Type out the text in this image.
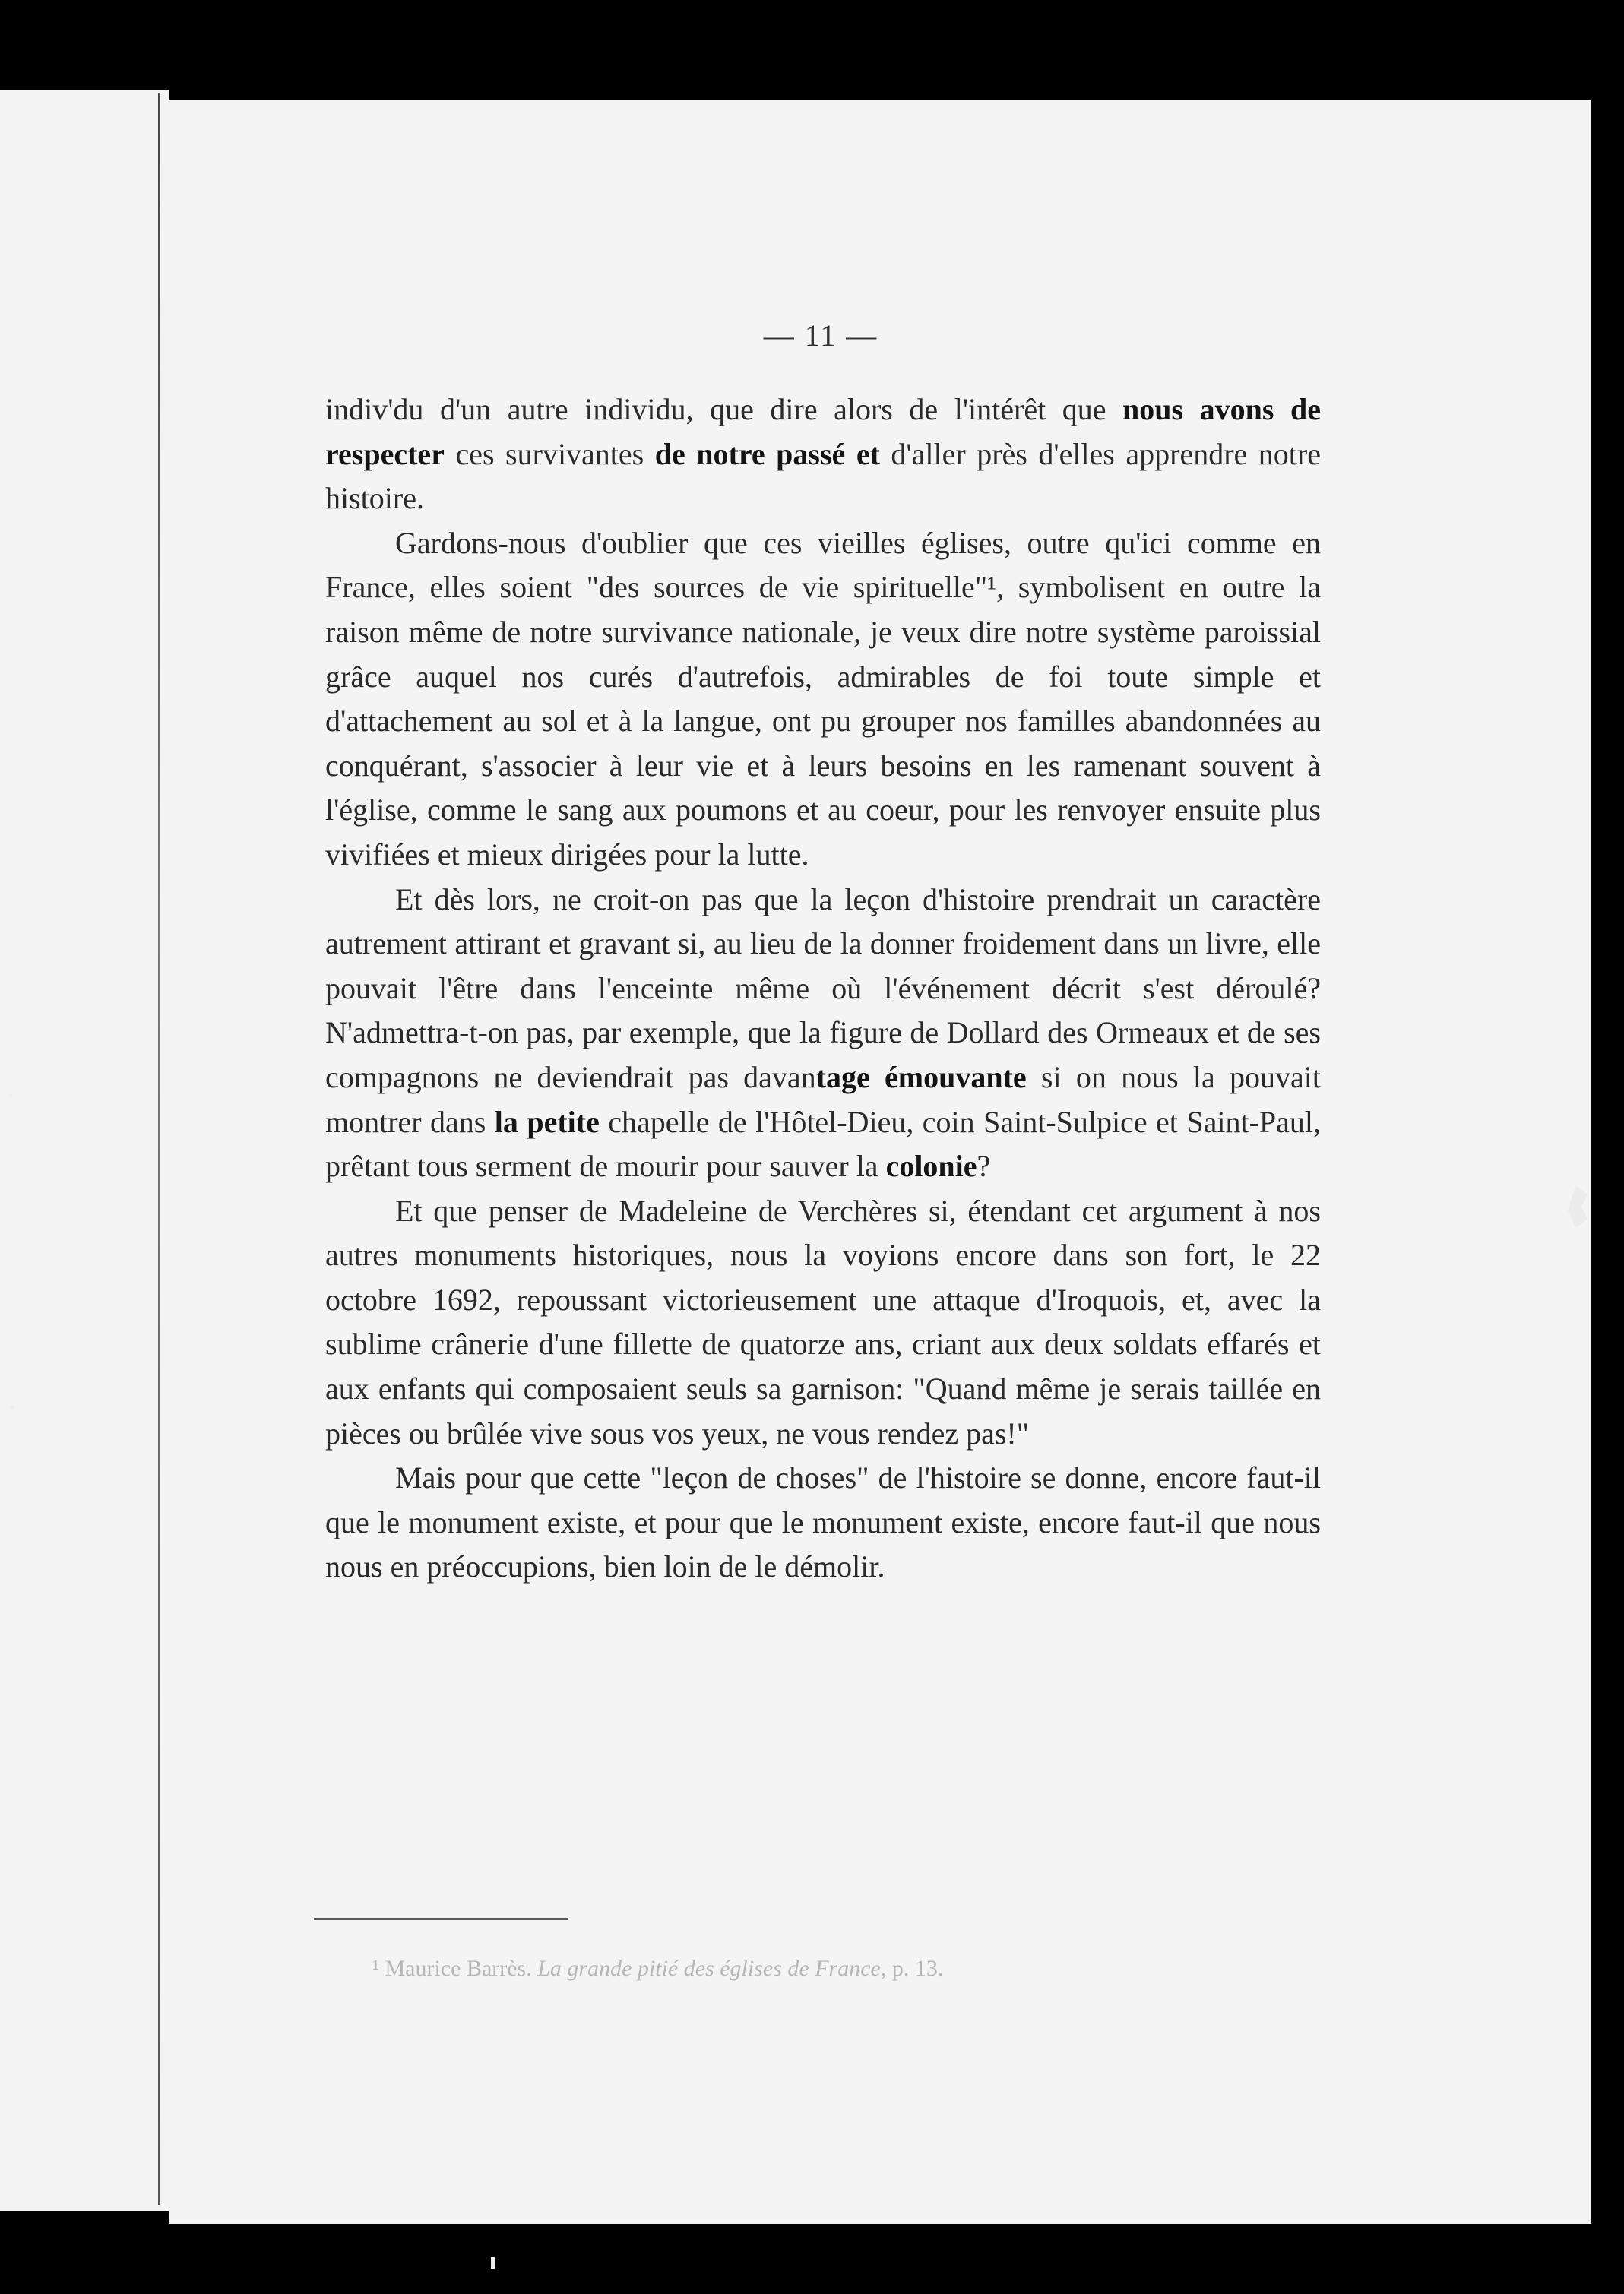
— 11 —

indiv'du d'un autre individu, que dire alors de l'intérêt que nous avons de respecter ces survivantes de notre passé et d'aller près d'elles apprendre notre histoire.

Gardons-nous d'oublier que ces vieilles églises, outre qu'ici comme en France, elles soient "des sources de vie spirituelle"¹, symbolisent en outre la raison même de notre survivance nationale, je veux dire notre système paroissial grâce auquel nos curés d'autrefois, admirables de foi toute simple et d'attachement au sol et à la langue, ont pu grouper nos familles abandonnées au conquérant, s'associer à leur vie et à leurs besoins en les ramenant souvent à l'église, comme le sang aux poumons et au coeur, pour les renvoyer ensuite plus vivifiées et mieux dirigées pour la lutte.

Et dès lors, ne croit-on pas que la leçon d'histoire prendrait un caractère autrement attirant et gravant si, au lieu de la donner froidement dans un livre, elle pouvait l'être dans l'enceinte même où l'événement décrit s'est déroulé? N'admettra-t-on pas, par exemple, que la figure de Dollard des Ormeaux et de ses compagnons ne deviendrait pas davantage émouvante si on nous la pouvait montrer dans la petite chapelle de l'Hôtel-Dieu, coin Saint-Sulpice et Saint-Paul, prêtant tous serment de mourir pour sauver la colonie?

Et que penser de Madeleine de Verchères si, étendant cet argument à nos autres monuments historiques, nous la voyions encore dans son fort, le 22 octobre 1692, repoussant victorieusement une attaque d'Iroquois, et, avec la sublime crânerie d'une fillette de quatorze ans, criant aux deux soldats effarés et aux enfants qui composaient seuls sa garnison: "Quand même je serais taillée en pièces ou brûlée vive sous vos yeux, ne vous rendez pas!"

Mais pour que cette "leçon de choses" de l'histoire se donne, encore faut-il que le monument existe, et pour que le monument existe, encore faut-il que nous nous en préoccupions, bien loin de le démolir.

¹ Maurice Barrès. La grande pitié des églises de France, p. 13.
